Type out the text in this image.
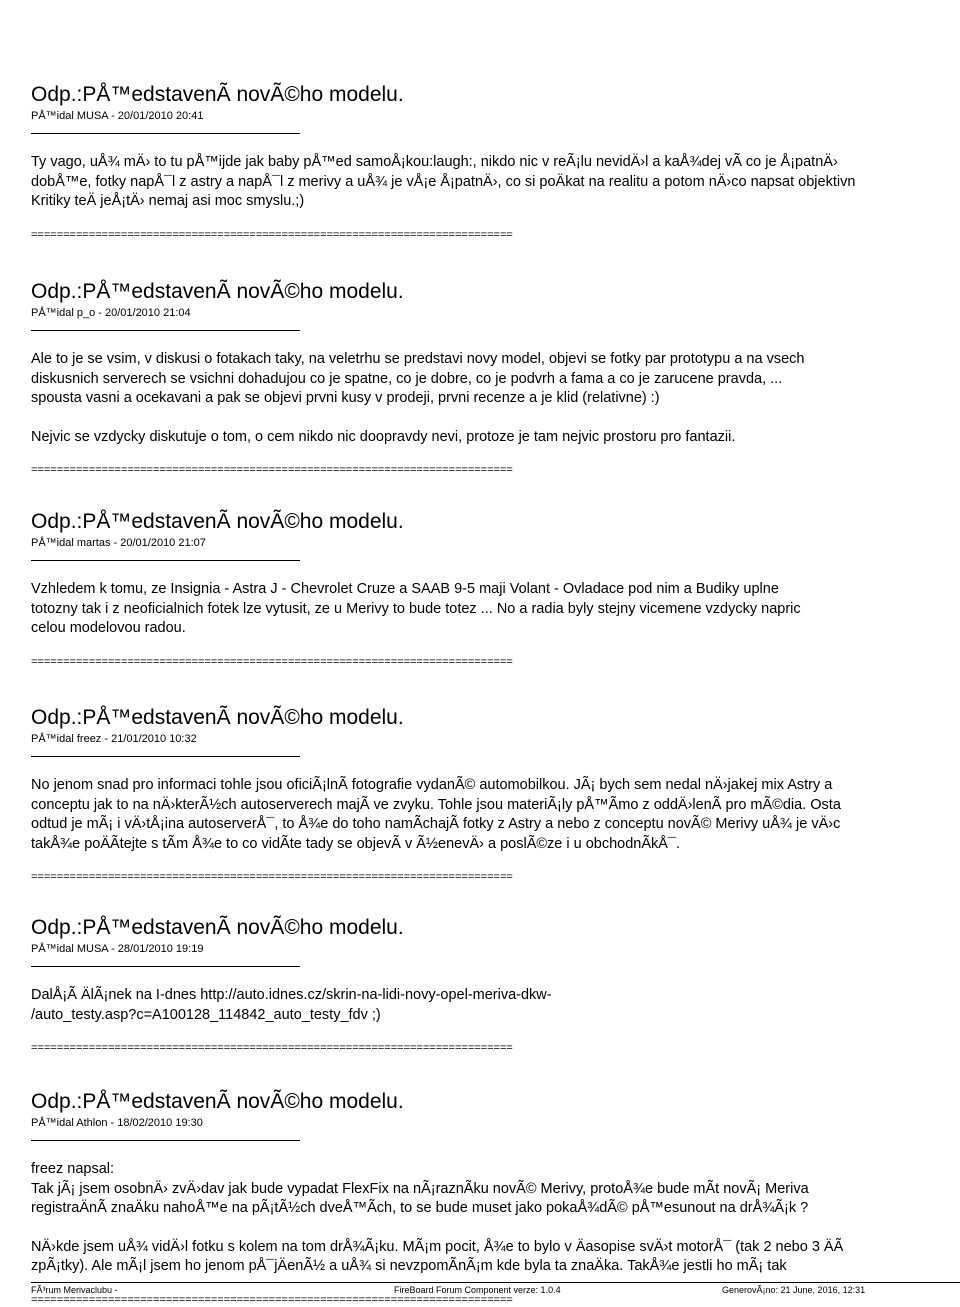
Odp.:PÅ™edstavenÃ novÃ©ho modelu.
PÅ™idal MUSA - 20/01/2010 20:41

Ty vago, uÅ¾ mÄ› to tu pÅ™ijde jak baby pÅ™ed samoÅ¡kou:laugh:, nikdo nic v reÃ¡lu nevidÄ›l a kaÅ¾dej vÃ co je Å¡patnÄ›
dobÅ™e, fotky napÅ¯l z astry a napÅ¯l z merivy a uÅ¾ je vÅ¡e Å¡patnÄ›, co si poÄkat na realitu a potom nÄ›co napsat objektivn
Kritiky teÄ jeÅ¡tÄ› nemaj asi moc smyslu.;)

===========================================================================
Odp.:PÅ™edstavenÃ novÃ©ho modelu.
PÅ™idal p_o - 20/01/2010 21:04

Ale to je se vsim, v diskusi o fotakach taky, na veletrhu se predstavi novy model, objevi se fotky par prototypu a na vsech
diskusnich serverech se vsichni dohadujou co je spatne, co je dobre, co je podvrh a fama a co je zarucene pravda, ...
spousta vasni a ocekavani a pak se objevi prvni kusy v prodeji, prvni recenze a je klid (relativne) :)

Nejvic se vzdycky diskutuje o tom, o cem nikdo nic doopravdy nevi, protoze je tam nejvic prostoru pro fantazii.

===========================================================================
Odp.:PÅ™edstavenÃ novÃ©ho modelu.
PÅ™idal martas - 20/01/2010 21:07

Vzhledem k tomu, ze Insignia - Astra J - Chevrolet Cruze a SAAB 9-5 maji Volant - Ovladace pod nim a Budiky uplne
totozny tak i z neoficialnich fotek lze vytusit, ze u Merivy to bude totez ... No a radia byly stejny vicemene vzdycky napric
celou modelovou radou.

===========================================================================
Odp.:PÅ™edstavenÃ novÃ©ho modelu.
PÅ™idal freez - 21/01/2010 10:32

No jenom snad pro informaci tohle jsou oficiÃ¡lnÃ fotografie vydanÃ© automobilkou. JÃ¡ bych sem nedal nÄ›jakej mix Astry a
conceptu jak to na nÄ›kterÃ½ch autoserverech majÃ ve zvyku. Tohle jsou materiÃ¡ly pÅ™Ãmo z oddÄ›lenÃ pro mÃ©dia. Osta
odtud je mÃ¡ i vÄ›tÅ¡ina autoserverÅ¯, to Å¾e do toho namÃchajÃ fotky z Astry a nebo z conceptu novÃ© Merivy uÅ¾ je vÄ›c
takÅ¾e poÄÃtejte s tÃm Å¾e to co vidÃte tady se objevÃ v Ã½enevÄ› a poslÃ©ze i u obchodnÃkÅ¯.

===========================================================================
Odp.:PÅ™edstavenÃ novÃ©ho modelu.
PÅ™idal MUSA - 28/01/2010 19:19

DalÅ¡Ã ÄlÃ¡nek na I-dnes http://auto.idnes.cz/skrin-na-lidi-novy-opel-meriva-dkw-
/auto_testy.asp?c=A100128_114842_auto_testy_fdv ;)

===========================================================================
Odp.:PÅ™edstavenÃ novÃ©ho modelu.
PÅ™idal Athlon - 18/02/2010 19:30

freez napsal:
Tak jÃ¡ jsem osobnÄ› zvÄ›dav jak bude vypadat FlexFix na nÃ¡raznÃku novÃ© Merivy, protoÅ¾e bude mÃt novÃ¡ Meriva
registraÄnÃ znaÄku nahoÅ™e na pÃ¡tÃ½ch dveÅ™Ãch, to se bude muset jako pokaÅ¾dÃ© pÅ™esunout na drÅ¾Ã¡k ?

NÄ›kde jsem uÅ¾ vidÄ›l fotku s kolem na tom drÅ¾Ã¡ku. MÃ¡m pocit, Å¾e to bylo v Äasopise svÄ›t motorÅ¯ (tak 2 nebo 3 ÄÃ
zpÃ¡tky). Ale mÃ¡l jsem ho jenom pÅ¯jÄenÃ½ a uÅ¾ si nevzpomÃnÃ¡m kde byla ta znaÄka. TakÅ¾e jestli ho mÃ¡ tak

===========================================================================
FÃ³rum Merivaclubu -	FireBoard Forum Component verze: 1.0.4	GenerovÃ¡no: 21 June, 2016, 12:31
